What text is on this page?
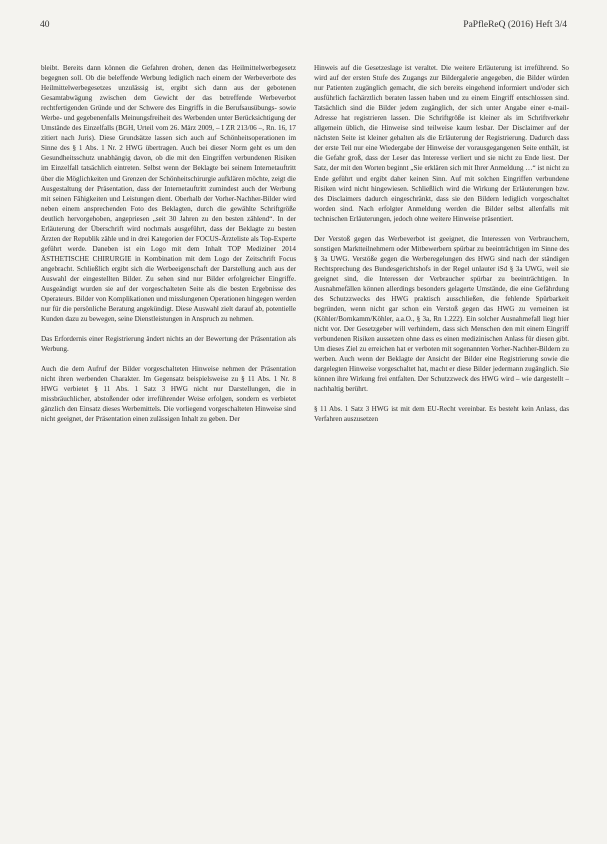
40	PaPfleReQ (2016) Heft 3/4

bleibt. Bereits dann können die Gefahren drohen, denen das Heilmittelwerbegesetz begegnen soll. Ob die beleffende Werbung lediglich nach einem der Werbeverbote des Heilmittelwerbegesetzes unzulässig ist, ergibt sich dann aus der gebotenen Gesamtabwägung zwischen dem Gewicht der das betreffende Werbeverbot rechtfertigenden Gründe und der Schwere des Eingriffs in die Berufsausübungs- sowie Werbe- und gegebenenfalls Meinungsfreiheit des Werbenden unter Berücksichtigung der Umstände des Einzelfalls (BGH, Urteil vom 26. März 2009, – I ZR 213/06 –, Rn. 16, 17 zitiert nach Juris). Diese Grundsätze lassen sich auch auf Schönheitsoperationen im Sinne des § 1 Abs. 1 Nr. 2 HWG übertragen. Auch bei dieser Norm geht es um den Gesundheitsschutz unabhängig davon, ob die mit den Eingriffen verbundenen Risiken im Einzelfall tatsächlich eintreten. Selbst wenn der Beklagte bei seinem Internetauftritt über die Möglichkeiten und Grenzen der Schönheitschirurgie aufklären möchte, zeigt die Ausgestaltung der Präsentation, dass der Internetauftritt zumindest auch der Werbung mit seinen Fähigkeiten und Leistungen dient. Oberhalb der Vorher-Nachher-Bilder wird neben einem ansprechenden Foto des Beklagten, durch die gewählte Schriftgröße deutlich hervorgehoben, angepriesen „seit 30 Jahren zu den besten zählend“. In der Erläuterung der Überschrift wird nochmals ausgeführt, dass der Beklagte zu besten Ärzten der Republik zähle und in drei Kategorien der FOCUS-Ärzteliste als Top-Experte geführt werde. Daneben ist ein Logo mit dem Inhalt TOP Mediziner 2014 ÄSTHETISCHE CHIRURGIE in Kombination mit dem Logo der Zeitschrift Focus angebracht. Schließlich ergibt sich die Werbeeigenschaft der Darstellung auch aus der Auswahl der eingestellten Bilder. Zu sehen sind nur Bilder erfolgreicher Eingriffe. Ausgeändigt wurden sie auf der vorgeschalteten Seite als die besten Ergebnisse des Operateurs. Bilder von Komplikationen und misslungenen Operationen hingegen werden nur für die persönliche Beratung angekündigt. Diese Auswahl zielt darauf ab, potentielle Kunden dazu zu bewegen, seine Dienstleistungen in Anspruch zu nehmen.

Das Erfordernis einer Registrierung ändert nichts an der Bewertung der Präsentation als Werbung.

Auch die dem Aufruf der Bilder vorgeschalteten Hinweise nehmen der Präsentation nicht ihren werbenden Charakter. Im Gegensatz beispielsweise zu § 11 Abs. 1 Nr. 8 HWG verbietet § 11 Abs. 1 Satz 3 HWG nicht nur Darstellungen, die in missbräuchlicher, abstoßender oder irreführender Weise erfolgen, sondern es verbietet gänzlich den Einsatz dieses Werbemittels. Die vorliegend vorgeschalteten Hinweise sind nicht geeignet, der Präsentation einen zulässigen Inhalt zu geben. Der

Hinweis auf die Gesetzeslage ist veraltet. Die weitere Erläuterung ist irreführend. So wird auf der ersten Stufe des Zugangs zur Bildergalerie angegeben, die Bilder würden nur Patienten zugänglich gemacht, die sich bereits eingehend informiert und/oder sich ausführlich fachärztlich beraten lassen haben und zu einem Eingriff entschlossen sind. Tatsächlich sind die Bilder jedem zugänglich, der sich unter Angabe einer e-mail-Adresse hat registrieren lassen. Die Schriftgröße ist kleiner als im Schriftverkehr allgemein üblich, die Hinweise sind teilweise kaum lesbar. Der Disclaimer auf der nächsten Seite ist kleiner gehalten als die Erläuterung der Registrierung. Dadurch dass der erste Teil nur eine Wiedergabe der Hinweise der vorausgegangenen Seite enthält, ist die Gefahr groß, dass der Leser das Interesse verliert und sie nicht zu Ende liest. Der Satz, der mit den Worten beginnt „Sie erklären sich mit Ihrer Anmeldung …“ ist nicht zu Ende geführt und ergibt daher keinen Sinn. Auf mit solchen Eingriffen verbundene Risiken wird nicht hingewiesen. Schließlich wird die Wirkung der Erläuterungen bzw. des Disclaimers dadurch eingeschränkt, dass sie den Bildern lediglich vorgeschaltet worden sind. Nach erfolgter Anmeldung werden die Bilder selbst allenfalls mit technischen Erläuterungen, jedoch ohne weitere Hinweise präsentiert.

Der Verstoß gegen das Werbeverbot ist geeignet, die Interessen von Verbrauchern, sonstigen Marktteilnehmern oder Mitbewerbern spürbar zu beeinträchtigen im Sinne des § 3a UWG. Verstöße gegen die Werberegelungen des HWG sind nach der ständigen Rechtsprechung des Bundesgerichtshofs in der Regel unlauter iSd § 3a UWG, weil sie geeignet sind, die Interessen der Verbraucher spürbar zu beeinträchtigen. In Ausnahmefällen können allerdings besonders gelagerte Umstände, die eine Gefährdung des Schutzzwecks des HWG praktisch ausschließen, die fehlende Spürbarkeit begründen, wenn nicht gar schon ein Verstoß gegen das HWG zu verneinen ist (Köhler/Bornkamm/Köhler, a.a.O., § 3a, Rn 1.222). Ein solcher Ausnahmefall liegt hier nicht vor. Der Gesetzgeber will verhindern, dass sich Menschen den mit einem Eingriff verbundenen Risiken aussetzen ohne dass es einen medizinischen Anlass für diesen gibt. Um dieses Ziel zu erreichen hat er verboten mit sogenannten Vorher-Nachher-Bildern zu werben. Auch wenn der Beklagte der Ansicht der Bilder eine Registrierung sowie die dargelegten Hinweise vorgeschaltet hat, macht er diese Bilder jedermann zugänglich. Sie können ihre Wirkung frei entfalten. Der Schutzzweck des HWG wird – wie dargestellt – nachhaltig berührt.

§ 11 Abs. 1 Satz 3 HWG ist mit dem EU-Recht vereinbar. Es besteht kein Anlass, das Verfahren auszusetzen
